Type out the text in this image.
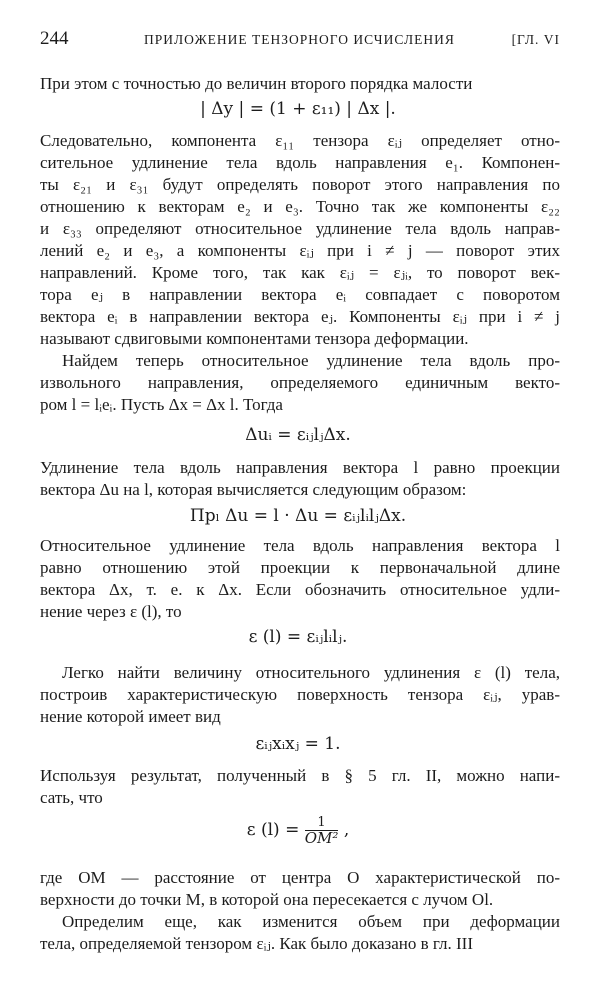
244	ПРИЛОЖЕНИЕ ТЕНЗОРНОГО ИСЧИСЛЕНИЯ	[ГЛ. VI
При этом с точностью до величин второго порядка малости
| Δy | = (1 + ε₁₁) | Δx |.
Следовательно, компонента ε₁₁ тензора εᵢⱼ определяет отно-
сительное удлинение тела вдоль направления e₁. Компонен-
ты ε₂₁ и ε₃₁ будут определять поворот этого направления по
отношению к векторам e₂ и e₃. Точно так же компоненты ε₂₂
и ε₃₃ определяют относительное удлинение тела вдоль направ-
лений e₂ и e₃, а компоненты εᵢⱼ при i ≠ j — поворот этих
направлений. Кроме того, так как εᵢⱼ = εⱼᵢ, то поворот век-
тора eⱼ в направлении вектора eᵢ совпадает с поворотом
вектора eᵢ в направлении вектора eⱼ. Компоненты εᵢⱼ при i ≠ j
называют сдвиговыми компонентами тензора деформации.
Найдем теперь относительное удлинение тела вдоль про-
извольного направления, определяемого единичным векто-
ром l = lᵢeᵢ. Пусть Δx = Δx l. Тогда
Δuᵢ = εᵢⱼlⱼΔx.
Удлинение тела вдоль направления вектора l равно проекции
вектора Δu на l, которая вычисляется следующим образом:
Прₗ Δu = l · Δu = εᵢⱼlᵢlⱼΔx.
Относительное удлинение тела вдоль направления вектора l
равно отношению этой проекции к первоначальной длине
вектора Δx, т. е. к Δx. Если обозначить относительное удли-
нение через ε (l), то
ε (l) = εᵢⱼlᵢlⱼ.
Легко найти величину относительного удлинения ε (l) тела,
построив характеристическую поверхность тензора εᵢⱼ, урав-
нение которой имеет вид
εᵢⱼxᵢxⱼ = 1.
Используя результат, полученный в § 5 гл. II, можно напи-
сать, что
ε $(l) = \frac{1}{\text{OM²}}$ ,
где OM — расстояние от центра O характеристической по-
верхности до точки M, в которой она пересекается с лучом Ol.
Определим еще, как изменится объем при деформации
тела, определяемой тензором εᵢⱼ. Как было доказано в гл. III
